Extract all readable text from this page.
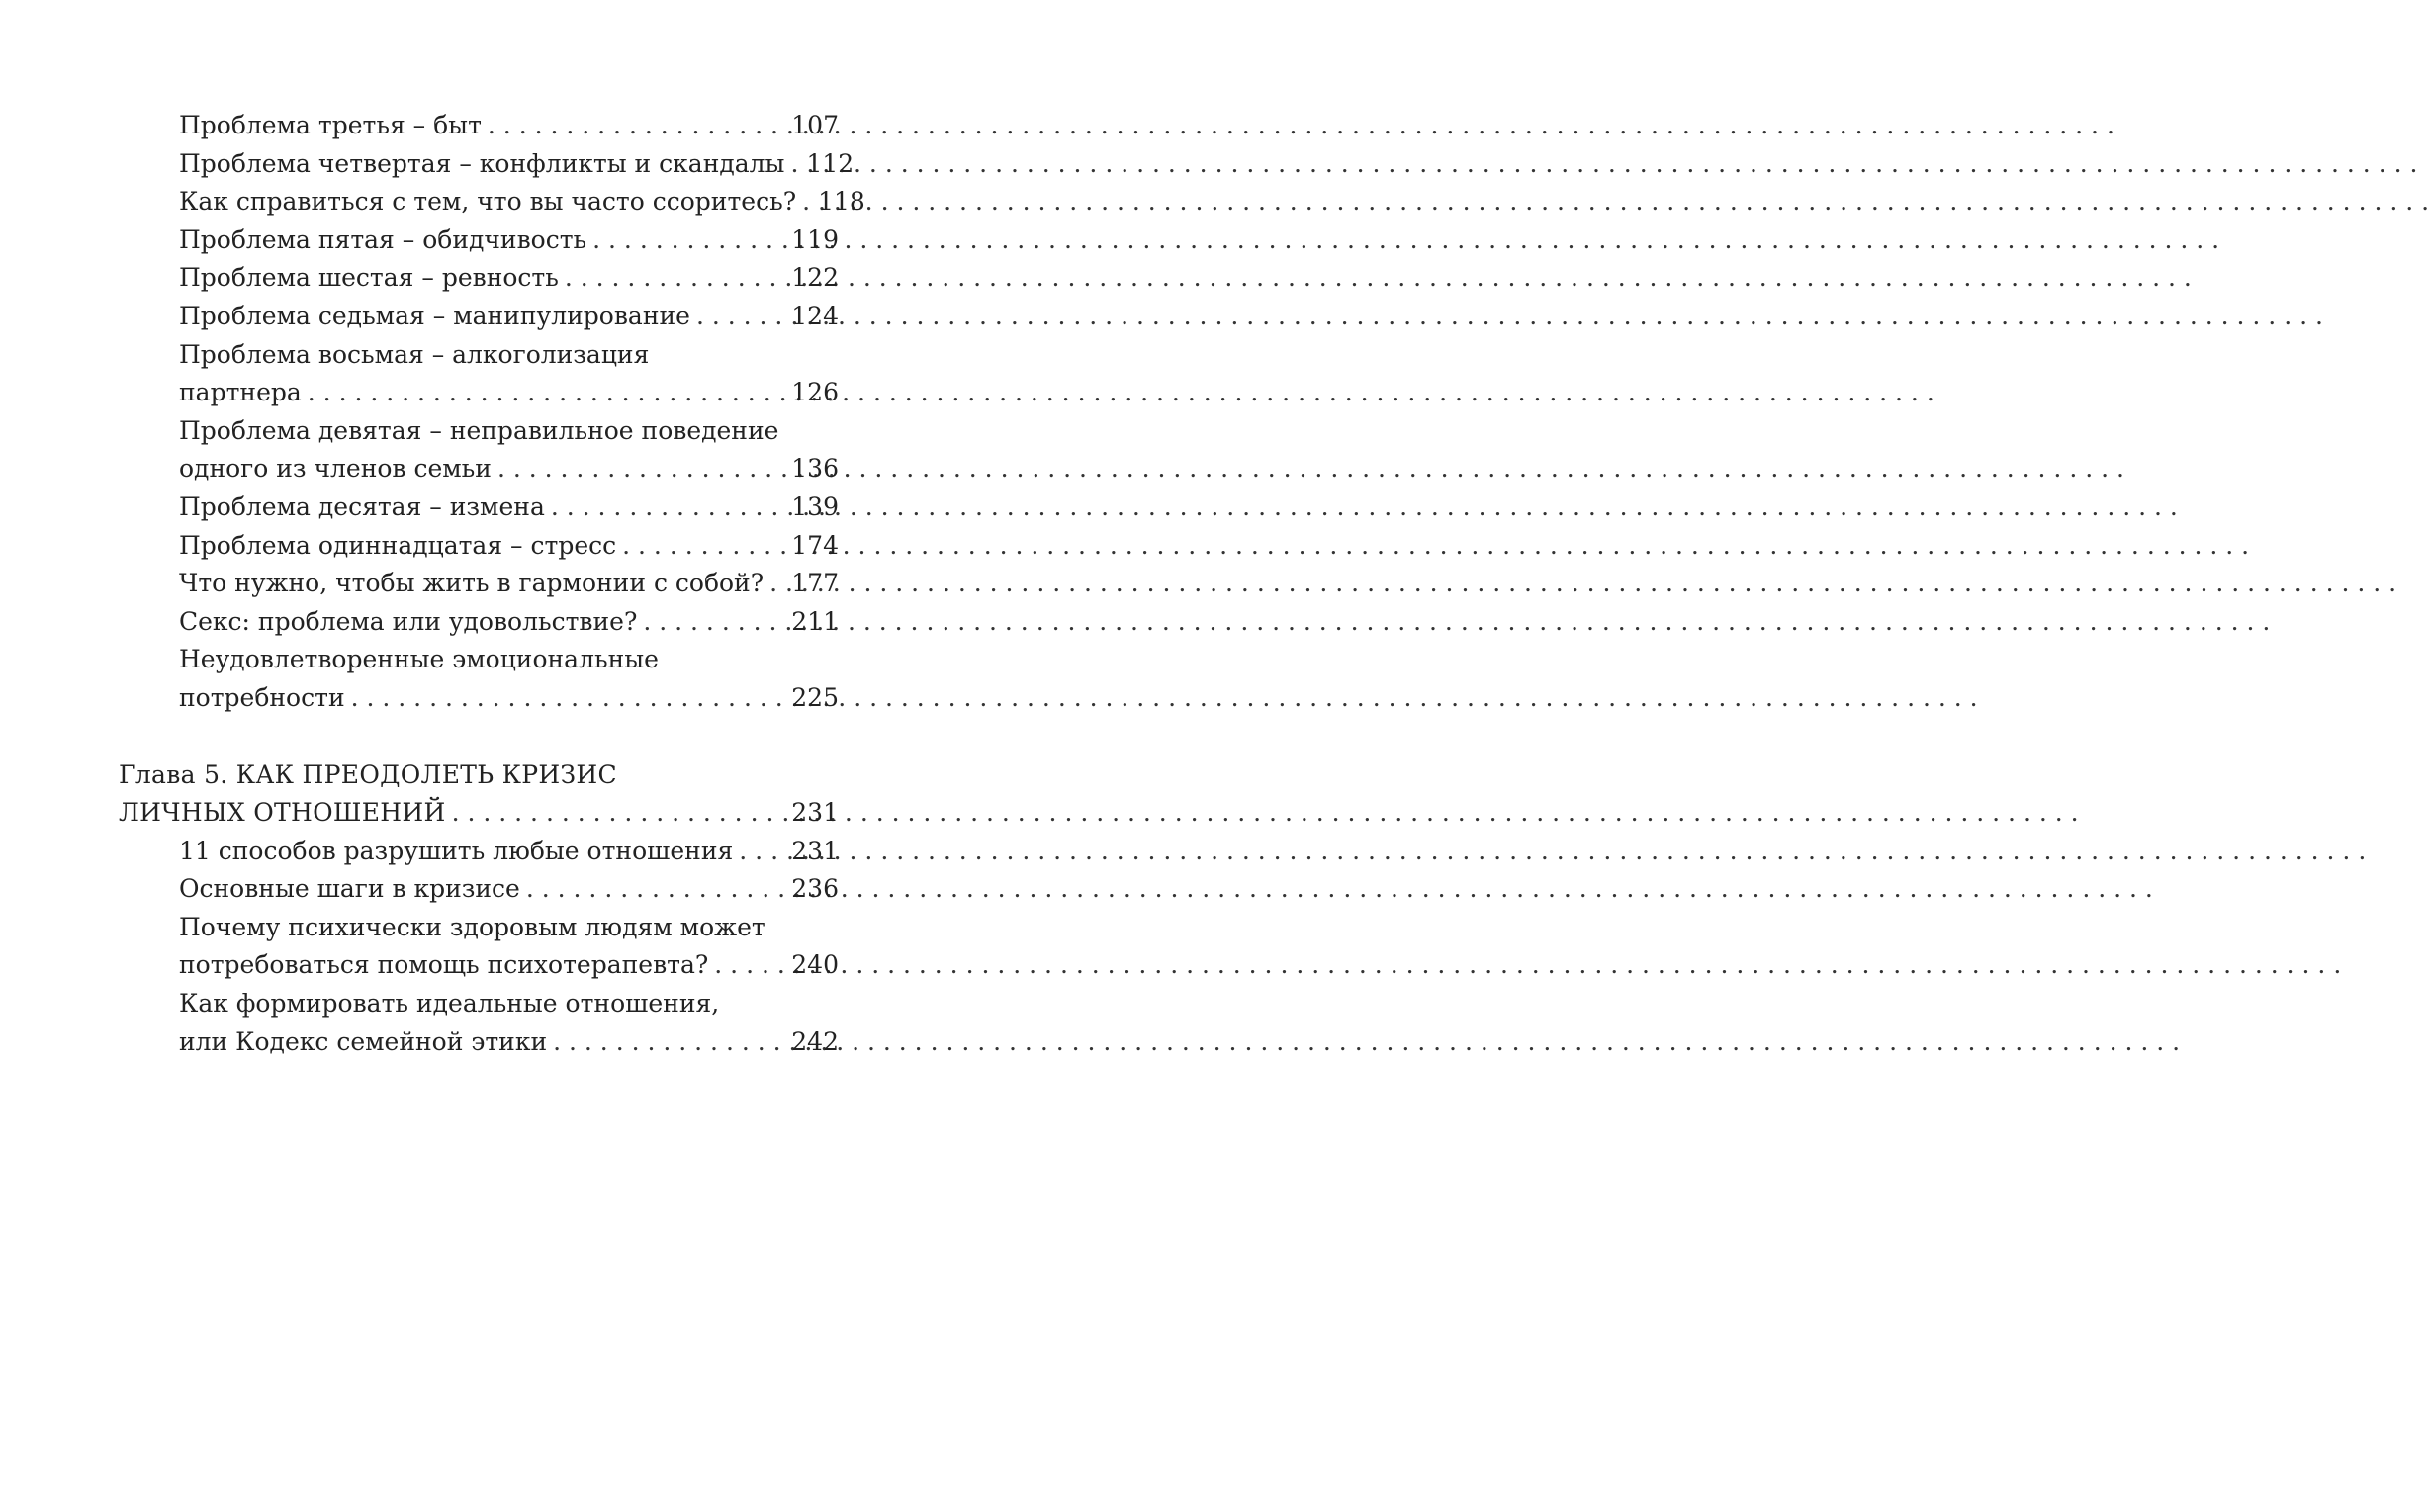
Проблема третья – быт . . .	107
Проблема четвертая – конфликты и скандалы . . . 112
Как справиться с тем, что вы часто ссоритесь? . . . 118
Проблема пятая – обидчивость . . .	119
Проблема шестая – ревность . . .	122
Проблема седьмая – манипулирование . . .	124
Проблема восьмая – алкоголизация
партнера . . .	126
Проблема девятая – неправильное поведение
одного из членов семьи . . .	136
Проблема десятая – измена . . .	139
Проблема одиннадцатая – стресс . . .	174
Что нужно, чтобы жить в гармонии с собой? . . . 177
Секс: проблема или удовольствие? . . .	211
Неудовлетворенные эмоциональные
потребности . . .	225
Глава 5. КАК ПРЕОДОЛЕТЬ КРИЗИС
ЛИЧНЫХ ОТНОШЕНИЙ . . .	231
11 способов разрушить любые отношения . . . 231
Основные шаги в кризисе . . .	236
Почему психически здоровым людям может
потребоваться помощь психотерапевта? . . .	240
Как формировать идеальные отношения,
или Кодекс семейной этики . . .	242
